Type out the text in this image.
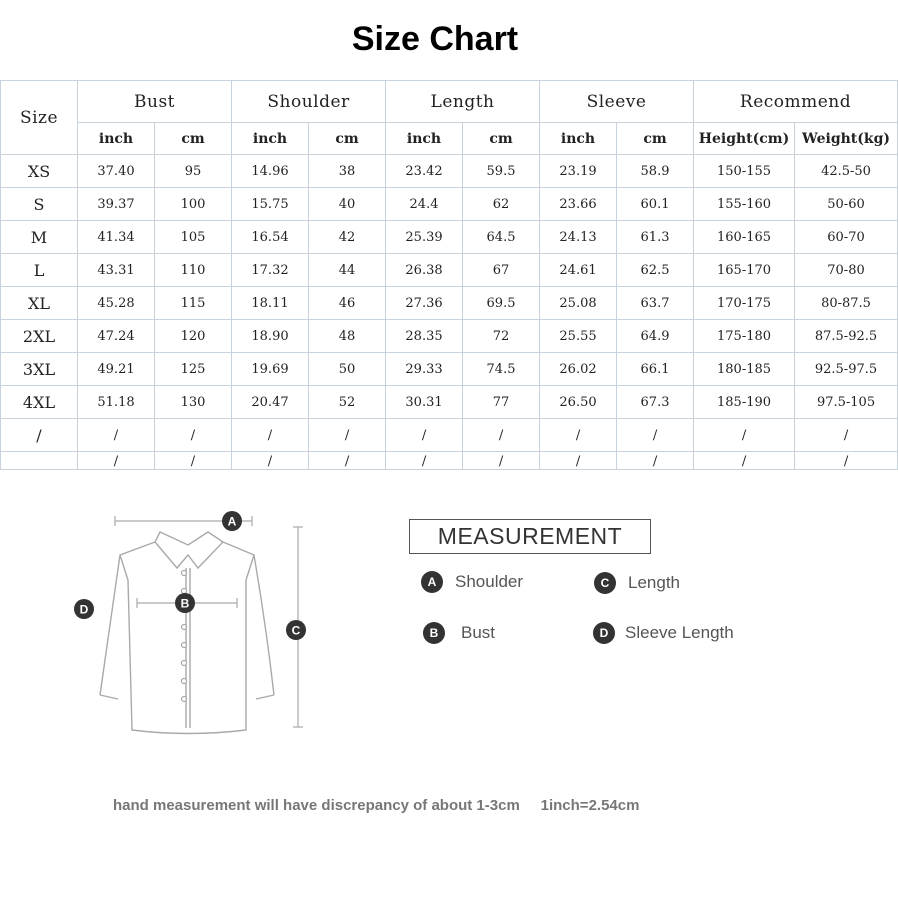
Size Chart
Size	Bust		Shoulder		Length		Sleeve		Recommend	
	inch	cm	inch	cm	inch	cm	inch	cm	Height(cm)	Weight(kg)
XS	37.40	95	14.96	38	23.42	59.5	23.19	58.9	150-155	42.5-50
S	39.37	100	15.75	40	24.4	62	23.66	60.1	155-160	50-60
M	41.34	105	16.54	42	25.39	64.5	24.13	61.3	160-165	60-70
L	43.31	110	17.32	44	26.38	67	24.61	62.5	165-170	70-80
XL	45.28	115	18.11	46	27.36	69.5	25.08	63.7	170-175	80-87.5
2XL	47.24	120	18.90	48	28.35	72	25.55	64.9	175-180	87.5-92.5
3XL	49.21	125	19.69	50	29.33	74.5	26.02	66.1	180-185	92.5-97.5
4XL	51.18	130	20.47	52	30.31	77	26.50	67.3	185-190	97.5-105
/	/	/	/	/	/	/	/	/	/	/
	/	/	/	/	/	/	/	/	/	/
A
B
C
D
MEASUREMENT
A	Shoulder	C	Length
B	Bust	D Sleeve Length
hand measurement will have discrepancy of about 1-3cm     1inch=2.54cm
